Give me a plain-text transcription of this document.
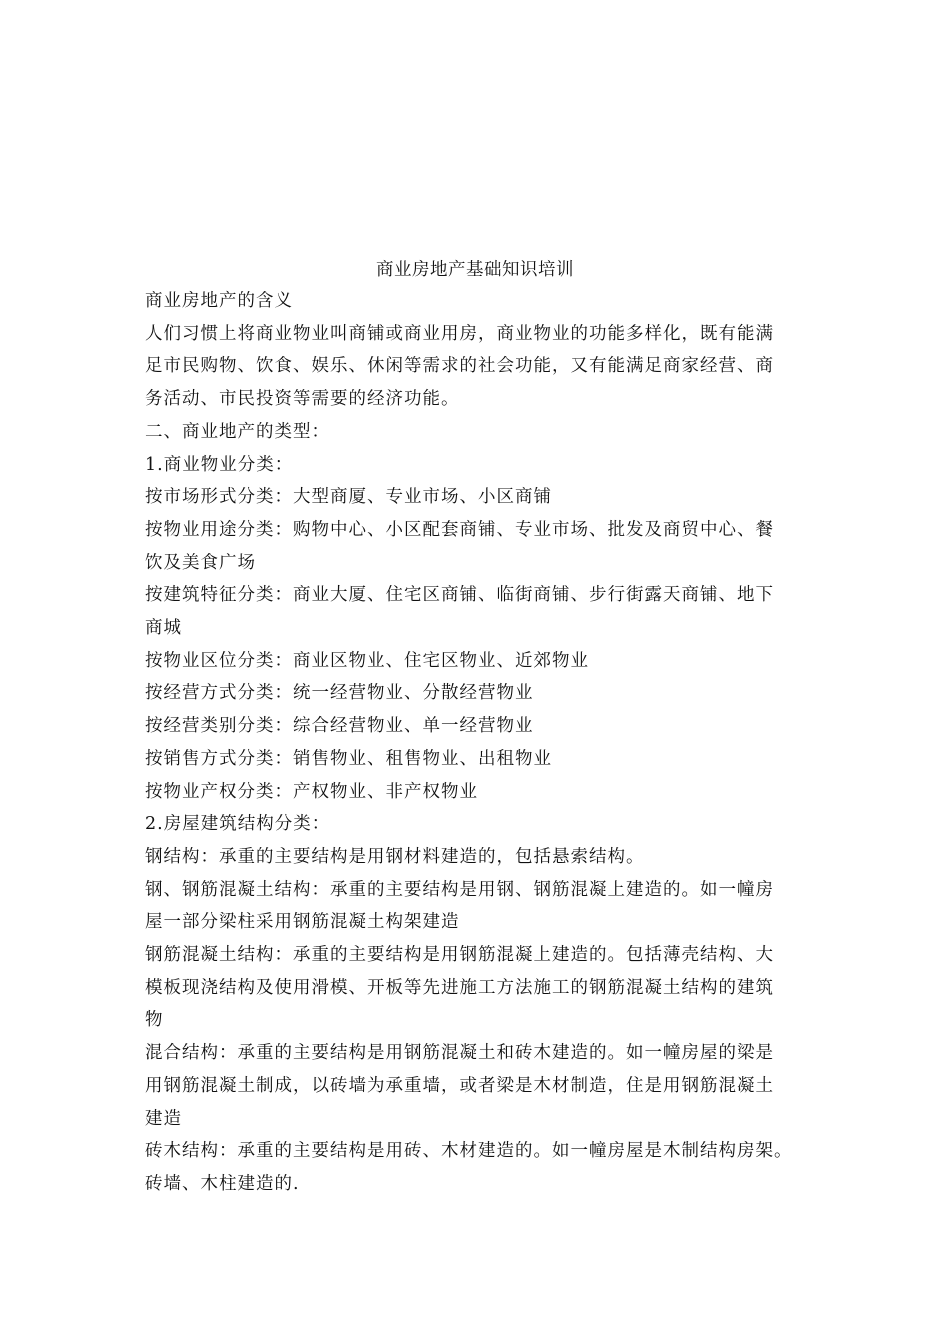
商业房地产基础知识培训

商业房地产的含义

人们习惯上将商业物业叫商铺或商业用房，商业物业的功能多样化，既有能满

足市民购物、饮食、娱乐、休闲等需求的社会功能，又有能满足商家经营、商

务活动、市民投资等需要的经济功能。

二、商业地产的类型：

1.商业物业分类：

按市场形式分类：大型商厦、专业市场、小区商铺

按物业用途分类：购物中心、小区配套商铺、专业市场、批发及商贸中心、餐

饮及美食广场

按建筑特征分类：商业大厦、住宅区商铺、临街商铺、步行街露天商铺、地下

商城

按物业区位分类：商业区物业、住宅区物业、近郊物业

按经营方式分类：统一经营物业、分散经营物业

按经营类别分类：综合经营物业、单一经营物业

按销售方式分类：销售物业、租售物业、出租物业

按物业产权分类：产权物业、非产权物业

2.房屋建筑结构分类：

钢结构：承重的主要结构是用钢材料建造的，包括悬索结构。

钢、钢筋混凝土结构：承重的主要结构是用钢、钢筋混凝上建造的。如一幢房

屋一部分梁柱采用钢筋混凝土构架建造

钢筋混凝土结构：承重的主要结构是用钢筋混凝上建造的。包括薄壳结构、大

模板现浇结构及使用滑模、开板等先进施工方法施工的钢筋混凝土结构的建筑

物

混合结构：承重的主要结构是用钢筋混凝土和砖木建造的。如一幢房屋的梁是

用钢筋混凝土制成，以砖墙为承重墙，或者梁是木材制造，住是用钢筋混凝土

建造

砖木结构：承重的主要结构是用砖、木材建造的。如一幢房屋是木制结构房架。

砖墙、木柱建造的.
